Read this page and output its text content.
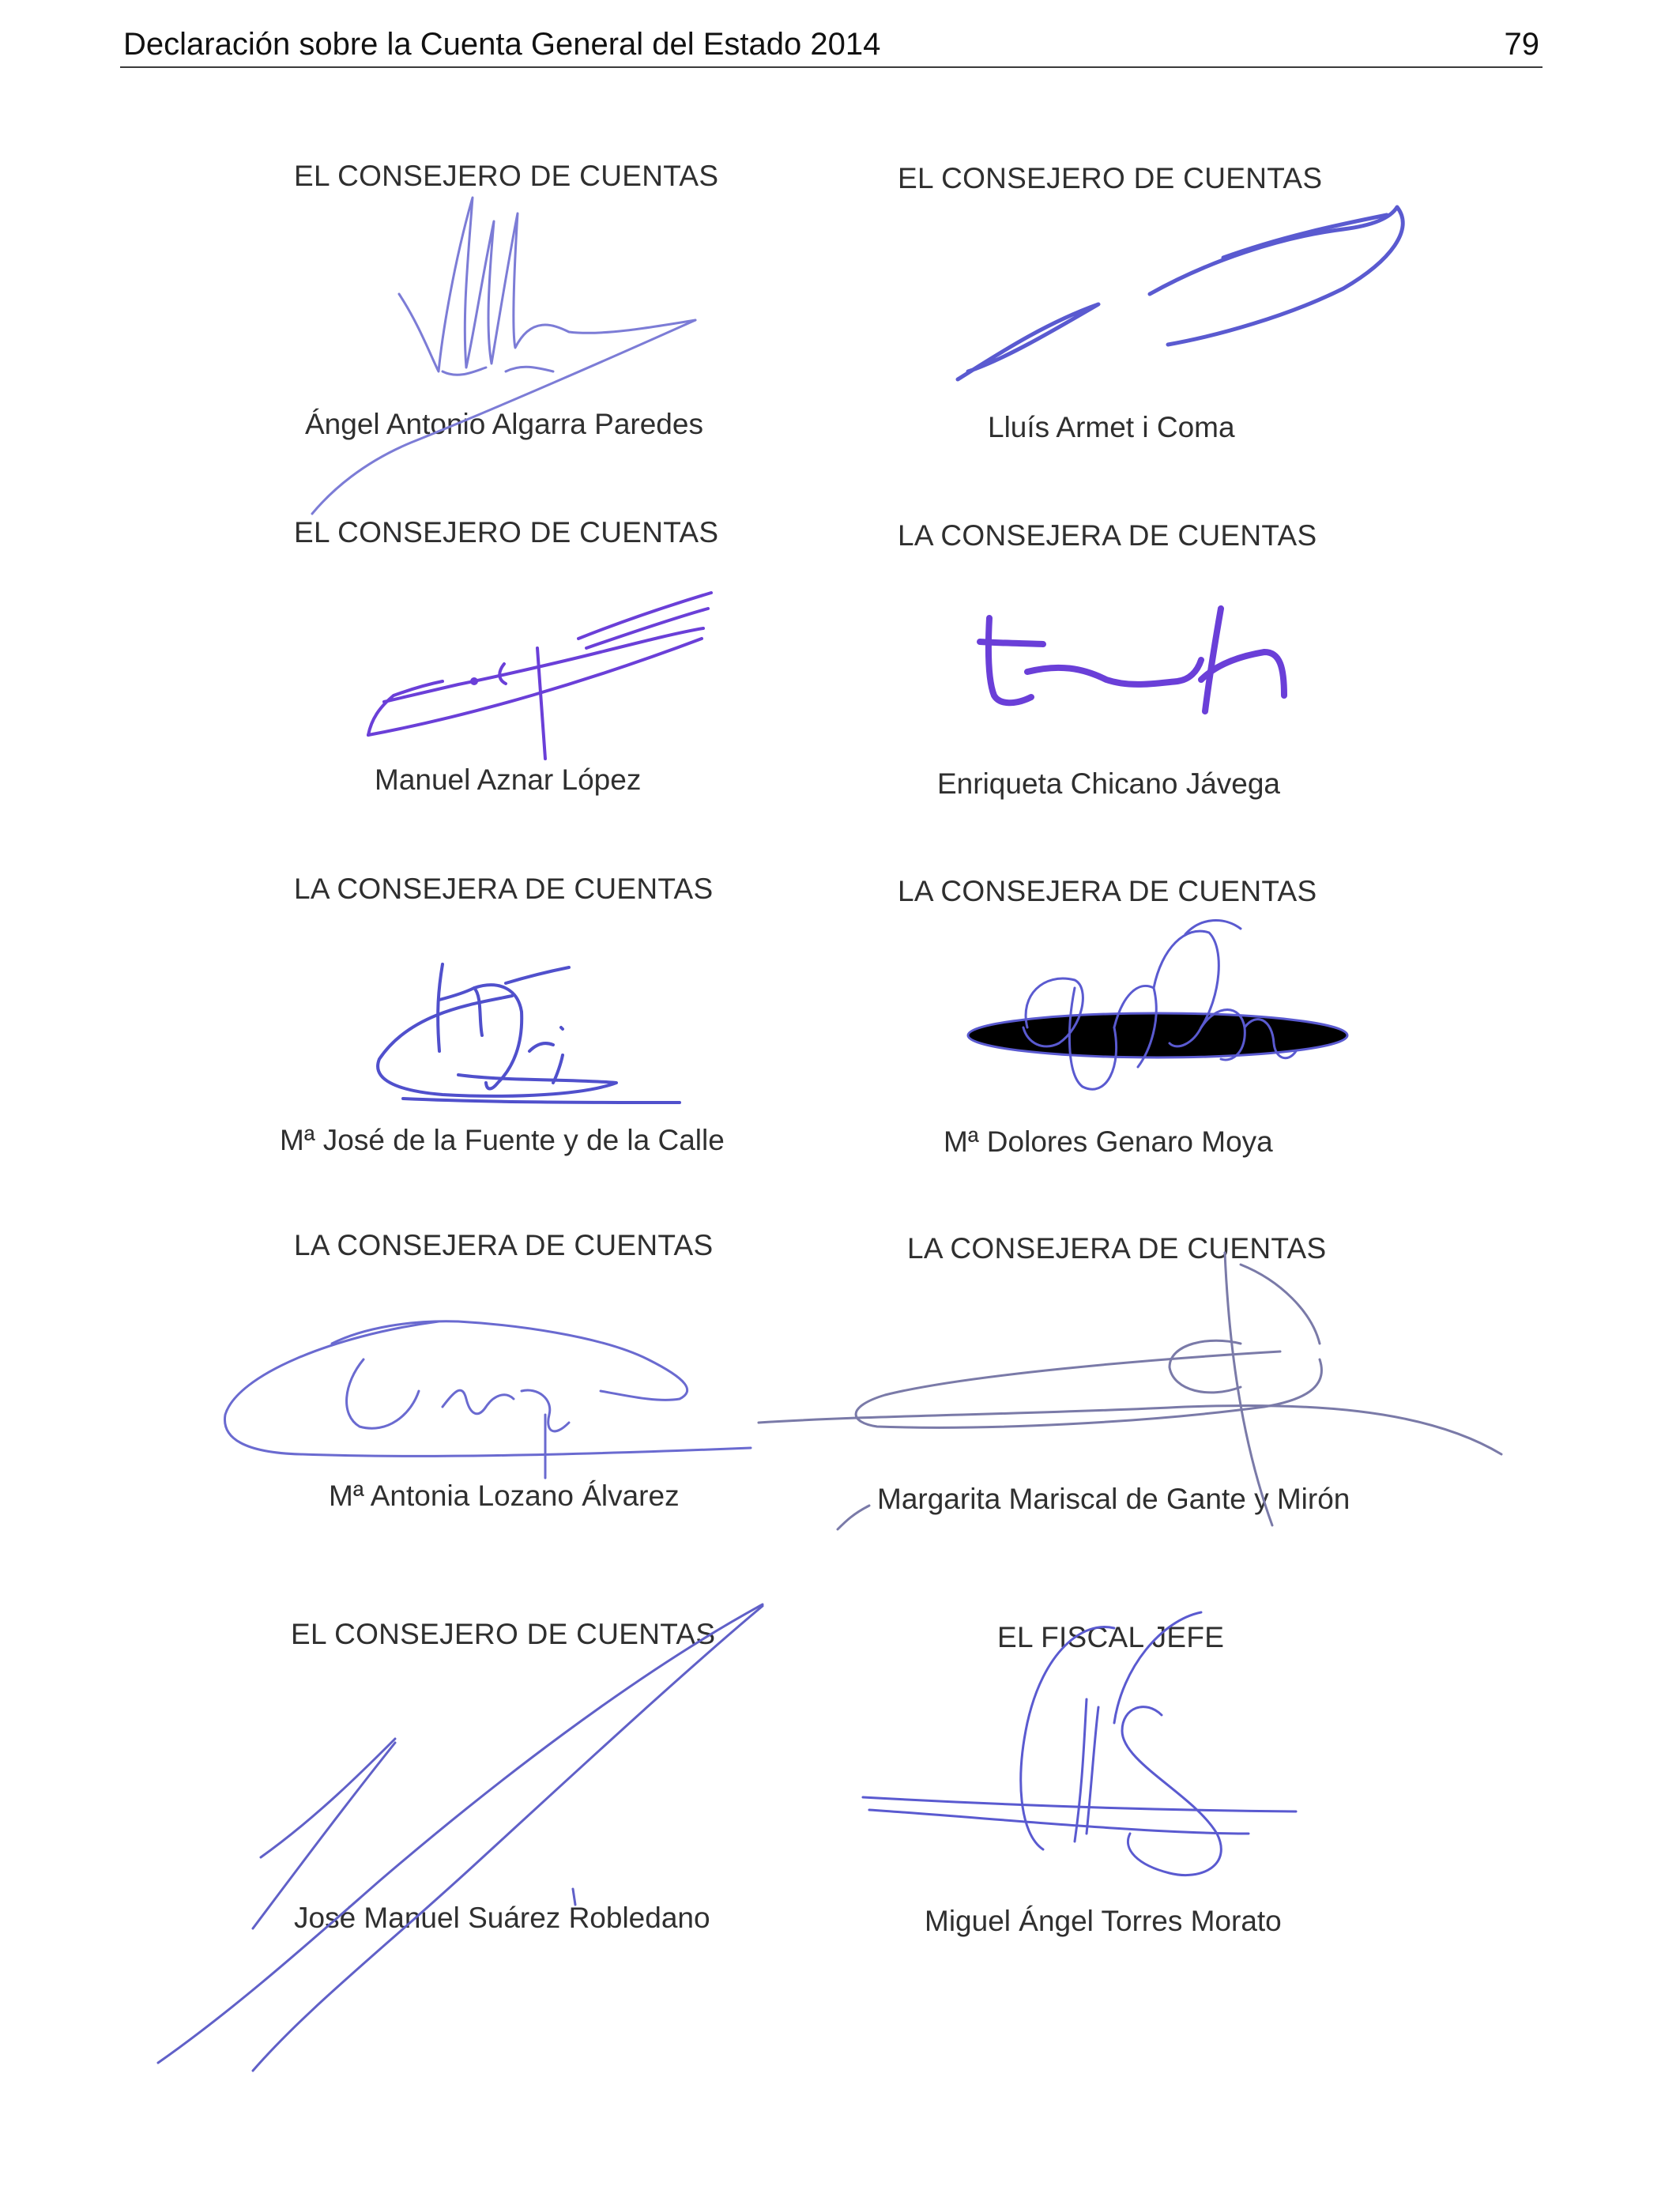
Declaración sobre la Cuenta General del Estado 2014	79
EL CONSEJERO DE CUENTAS	EL CONSEJERO DE CUENTAS
Ángel Antonio Algarra Paredes	Lluís Armet i Coma
EL CONSEJERO DE CUENTAS	LA CONSEJERA DE CUENTAS
Manuel Aznar López	Enriqueta Chicano Jávega
LA CONSEJERA DE CUENTAS	LA CONSEJERA DE CUENTAS
Mª José de la Fuente y de la Calle	Mª Dolores Genaro Moya
LA CONSEJERA DE CUENTAS	LA CONSEJERA DE CUENTAS
Mª Antonia Lozano Álvarez	Margarita Mariscal de Gante y Mirón
EL CONSEJERO DE CUENTAS	EL FISCAL JEFE
José Manuel Suárez Robledano	Miguel Ángel Torres Morato
